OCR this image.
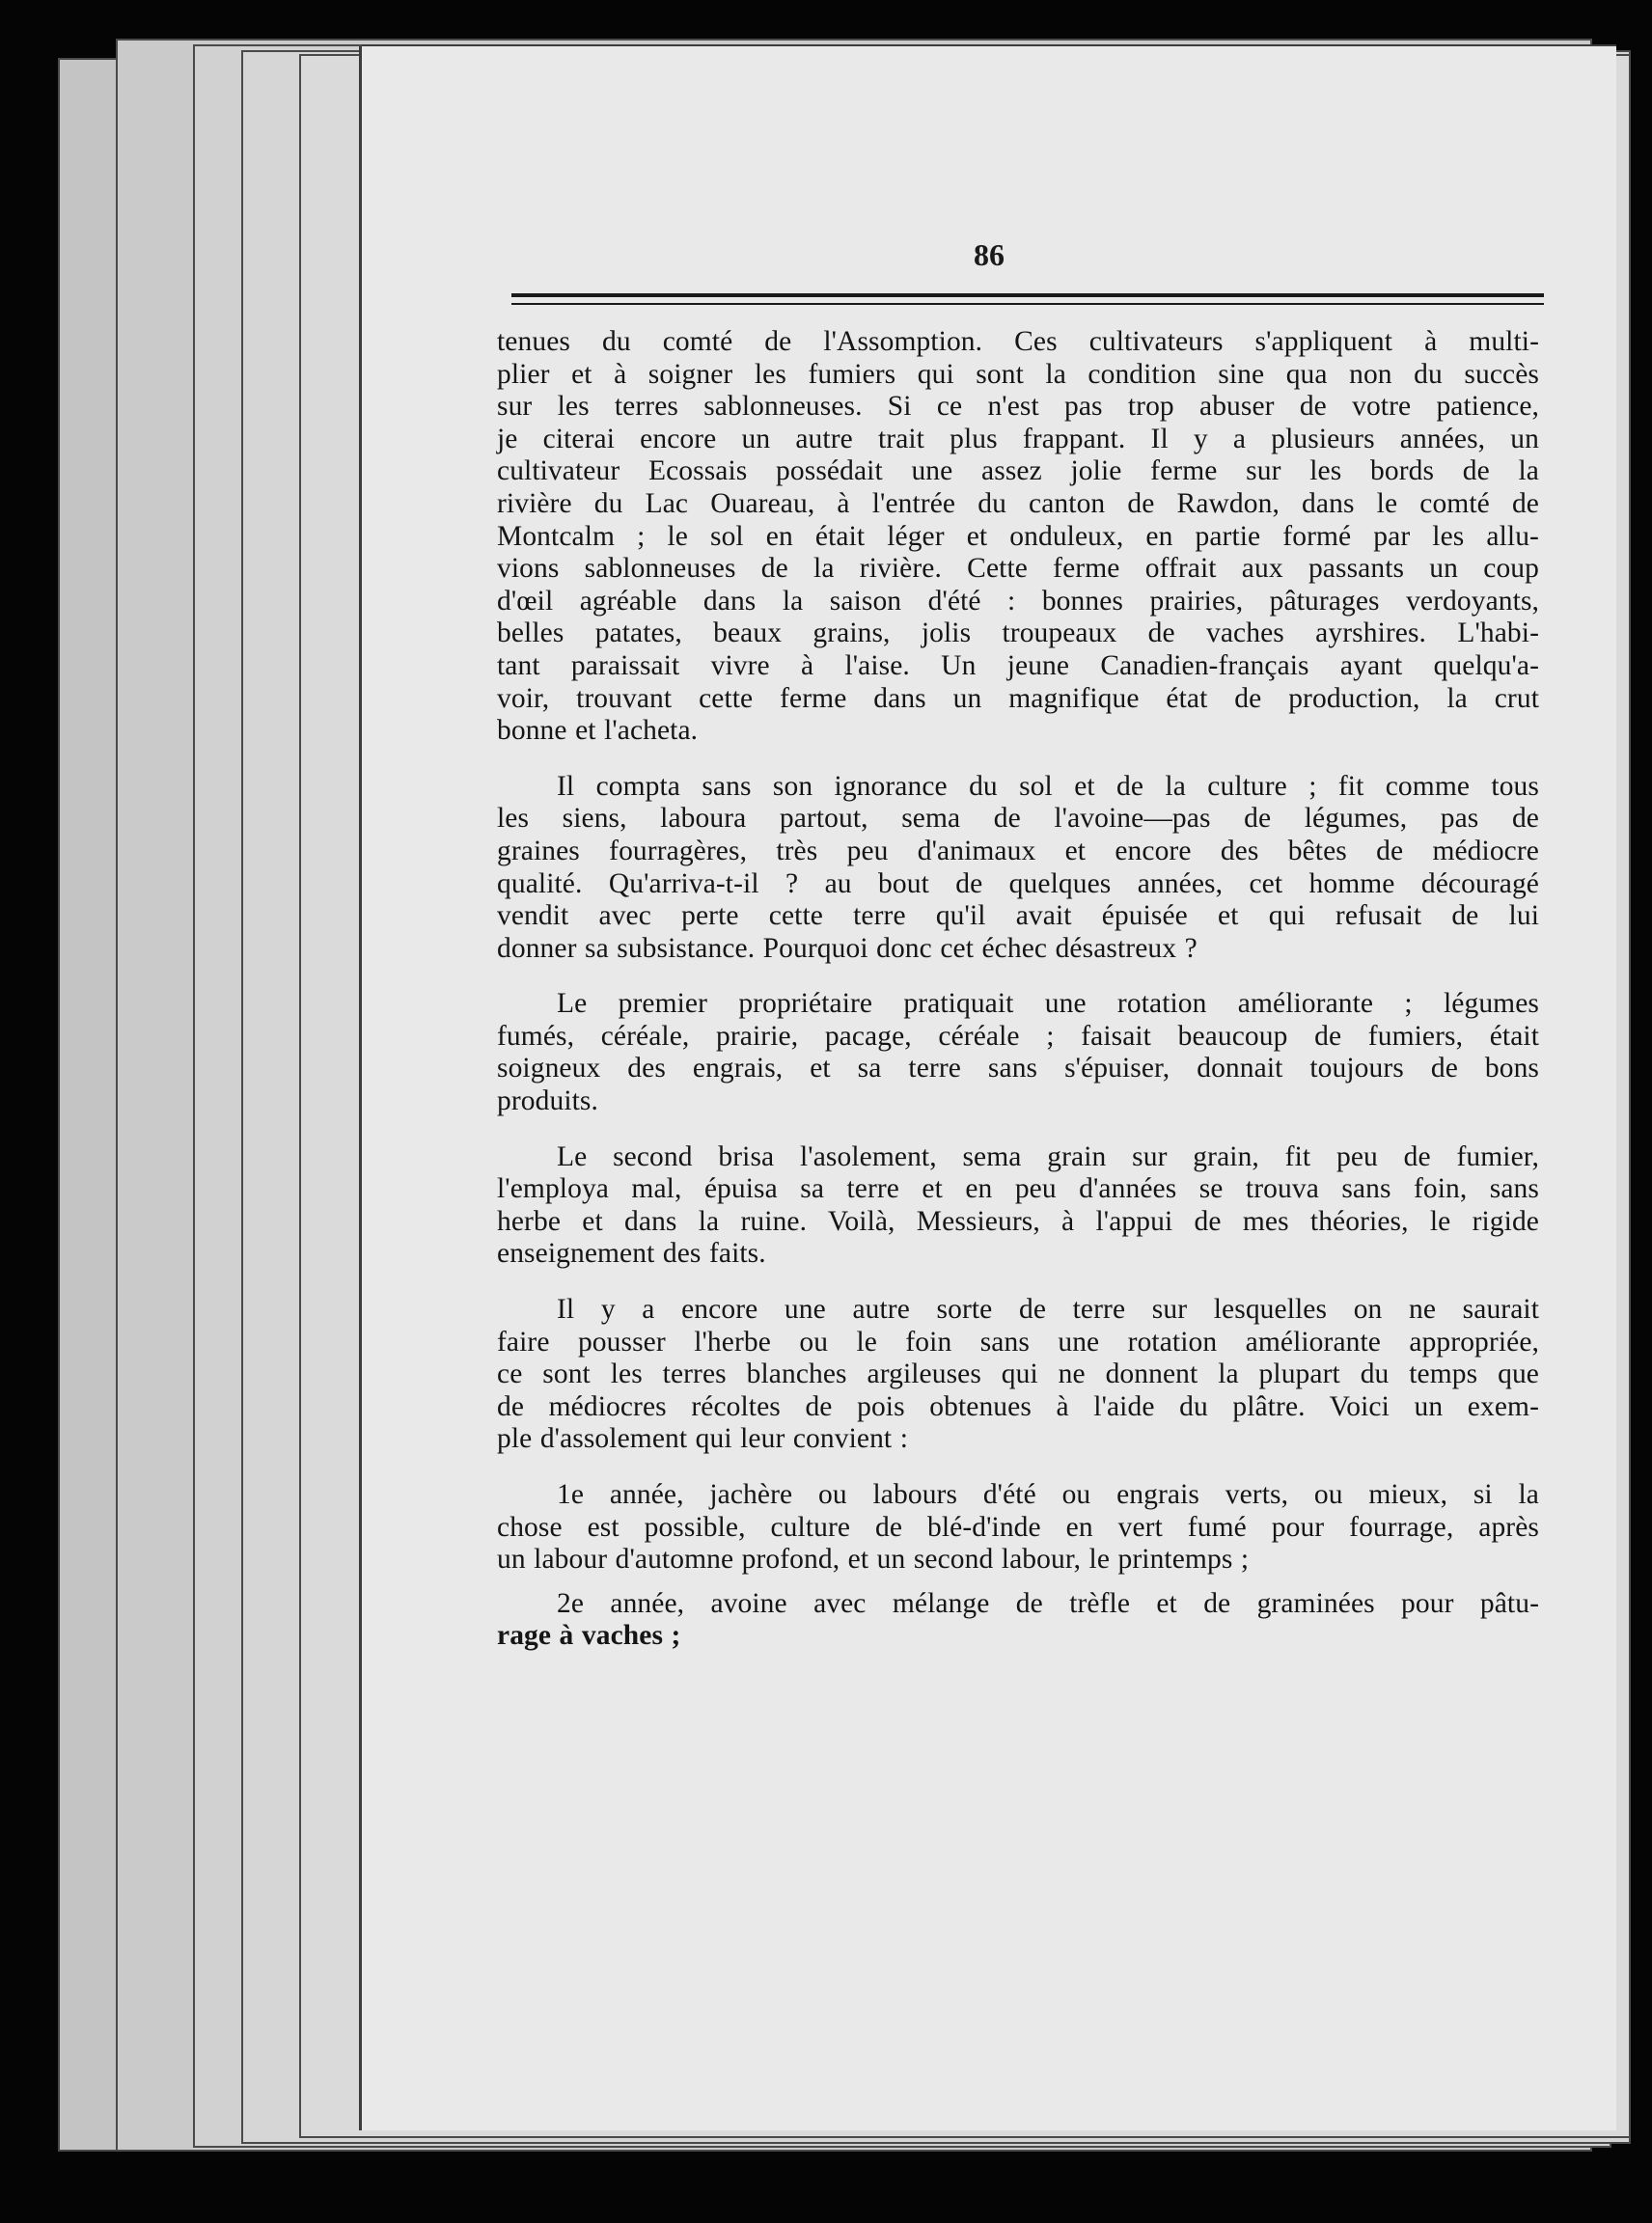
86
tenues du comté de l'Assomption. Ces cultivateurs s'appliquent à multi-
plier et à soigner les fumiers qui sont la condition sine qua non du succès
sur les terres sablonneuses. Si ce n'est pas trop abuser de votre patience,
je citerai encore un autre trait plus frappant. Il y a plusieurs années, un
cultivateur Ecossais possédait une assez jolie ferme sur les bords de la
rivière du Lac Ouareau, à l'entrée du canton de Rawdon, dans le comté de
Montcalm ; le sol en était léger et onduleux, en partie formé par les allu-
vions sablonneuses de la rivière. Cette ferme offrait aux passants un coup
d'œil agréable dans la saison d'été : bonnes prairies, pâturages verdoyants,
belles patates, beaux grains, jolis troupeaux de vaches ayrshires. L'habi-
tant paraissait vivre à l'aise. Un jeune Canadien-français ayant quelqu'a-
voir, trouvant cette ferme dans un magnifique état de production, la crut
bonne et l'acheta.
Il compta sans son ignorance du sol et de la culture ; fit comme tous
les siens, laboura partout, sema de l'avoine—pas de légumes, pas de
graines fourragères, très peu d'animaux et encore des bêtes de médiocre
qualité. Qu'arriva-t-il ? au bout de quelques années, cet homme découragé
vendit avec perte cette terre qu'il avait épuisée et qui refusait de lui
donner sa subsistance. Pourquoi donc cet échec désastreux ?
Le premier propriétaire pratiquait une rotation améliorante ; légumes
fumés, céréale, prairie, pacage, céréale ; faisait beaucoup de fumiers, était
soigneux des engrais, et sa terre sans s'épuiser, donnait toujours de bons
produits.
Le second brisa l'asolement, sema grain sur grain, fit peu de fumier,
l'employa mal, épuisa sa terre et en peu d'années se trouva sans foin, sans
herbe et dans la ruine. Voilà, Messieurs, à l'appui de mes théories, le rigide
enseignement des faits.
Il y a encore une autre sorte de terre sur lesquelles on ne saurait
faire pousser l'herbe ou le foin sans une rotation améliorante appropriée,
ce sont les terres blanches argileuses qui ne donnent la plupart du temps que
de médiocres récoltes de pois obtenues à l'aide du plâtre. Voici un exem-
ple d'assolement qui leur convient :
1e année, jachère ou labours d'été ou engrais verts, ou mieux, si la
chose est possible, culture de blé-d'inde en vert fumé pour fourrage, après
un labour d'automne profond, et un second labour, le printemps ;
2e année, avoine avec mélange de trèfle et de graminées pour pâtu-
rage à vaches ;
